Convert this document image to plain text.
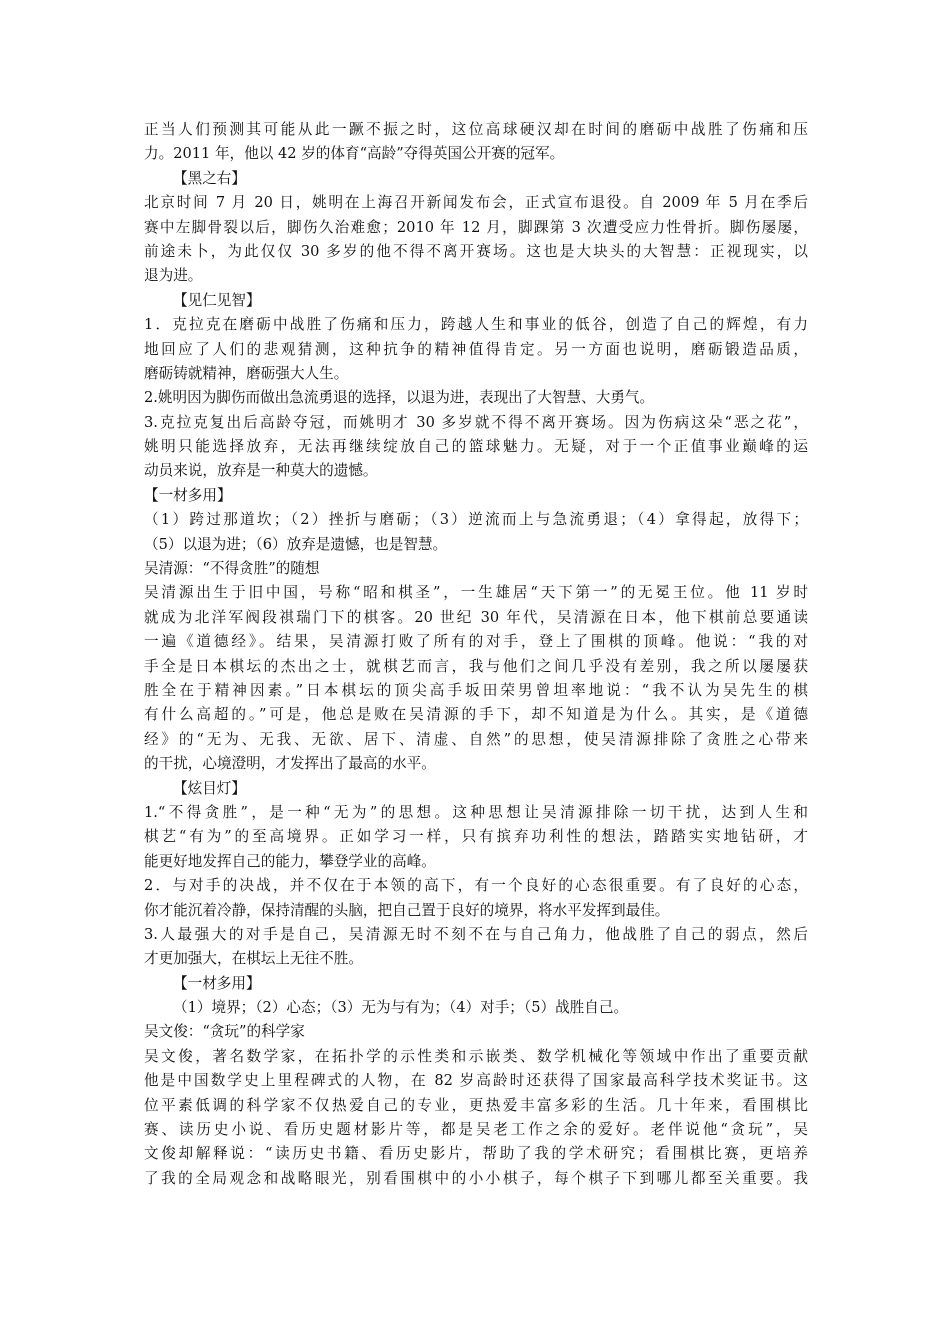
正当人们预测其可能从此一蹶不振之时，这位高球硬汉却在时间的磨砺中战胜了伤痛和压
力。2011 年，他以 42 岁的体育“高龄”夺得英国公开赛的冠军。
【黑之右】
北京时间 7 月 20 日，姚明在上海召开新闻发布会，正式宣布退役。自 2009 年 5 月在季后
赛中左脚骨裂以后，脚伤久治难愈；2010 年 12 月，脚踝第 3 次遭受应力性骨折。脚伤屡屡，
前途未卜，为此仅仅 30 多岁的他不得不离开赛场。这也是大块头的大智慧：正视现实，以
退为进。
【见仁见智】
1．克拉克在磨砺中战胜了伤痛和压力，跨越人生和事业的低谷，创造了自己的辉煌，有力
地回应了人们的悲观猜测，这种抗争的精神值得肯定。另一方面也说明，磨砺锻造品质，
磨砺铸就精神，磨砺强大人生。
2.姚明因为脚伤而做出急流勇退的选择，以退为进，表现出了大智慧、大勇气。
3.克拉克复出后高龄夺冠，而姚明才 30 多岁就不得不离开赛场。因为伤病这朵“恶之花”，
姚明只能选择放弃，无法再继续绽放自己的篮球魅力。无疑，对于一个正值事业巅峰的运
动员来说，放弃是一种莫大的遗憾。
【一材多用】
（1）跨过那道坎；（2）挫折与磨砺；（3）逆流而上与急流勇退；（4）拿得起，放得下；
（5）以退为进；（6）放弃是遗憾，也是智慧。
吴清源：“不得贪胜”的随想
吴清源出生于旧中国，号称“昭和棋圣”，一生雄居“天下第一”的无冕王位。他 11 岁时
就成为北洋军阀段祺瑞门下的棋客。20 世纪 30 年代，吴清源在日本，他下棋前总要通读
一遍《道德经》。结果，吴清源打败了所有的对手，登上了围棋的顶峰。他说：“我的对
手全是日本棋坛的杰出之士，就棋艺而言，我与他们之间几乎没有差别，我之所以屡屡获
胜全在于精神因素。”日本棋坛的顶尖高手坂田荣男曾坦率地说：“我不认为吴先生的棋
有什么高超的。”可是，他总是败在吴清源的手下，却不知道是为什么。其实，是《道德
经》的“无为、无我、无欲、居下、清虚、自然”的思想，使吴清源排除了贪胜之心带来
的干扰，心境澄明，才发挥出了最高的水平。
【炫目灯】
1.“不得贪胜”，是一种“无为”的思想。这种思想让吴清源排除一切干扰，达到人生和
棋艺“有为”的至高境界。正如学习一样，只有摈弃功利性的想法，踏踏实实地钻研，才
能更好地发挥自己的能力，攀登学业的高峰。
2．与对手的决战，并不仅在于本领的高下，有一个良好的心态很重要。有了良好的心态，
你才能沉着冷静，保持清醒的头脑，把自己置于良好的境界，将水平发挥到最佳。
3.人最强大的对手是自己，吴清源无时不刻不在与自己角力，他战胜了自己的弱点，然后
才更加强大，在棋坛上无往不胜。
【一材多用】
（1）境界；（2）心态；（3）无为与有为；（4）对手；（5）战胜自己。
吴文俊：“贪玩”的科学家
吴文俊，著名数学家，在拓扑学的示性类和示嵌类、数学机械化等领域中作出了重要贡献
他是中国数学史上里程碑式的人物，在 82 岁高龄时还获得了国家最高科学技术奖证书。这
位平素低调的科学家不仅热爱自己的专业，更热爱丰富多彩的生活。几十年来，看围棋比
赛、读历史小说、看历史题材影片等，都是吴老工作之余的爱好。老伴说他“贪玩”，吴
文俊却解释说：“读历史书籍、看历史影片，帮助了我的学术研究；看围棋比赛，更培养
了我的全局观念和战略眼光，别看围棋中的小小棋子，每个棋子下到哪儿都至关重要。我
